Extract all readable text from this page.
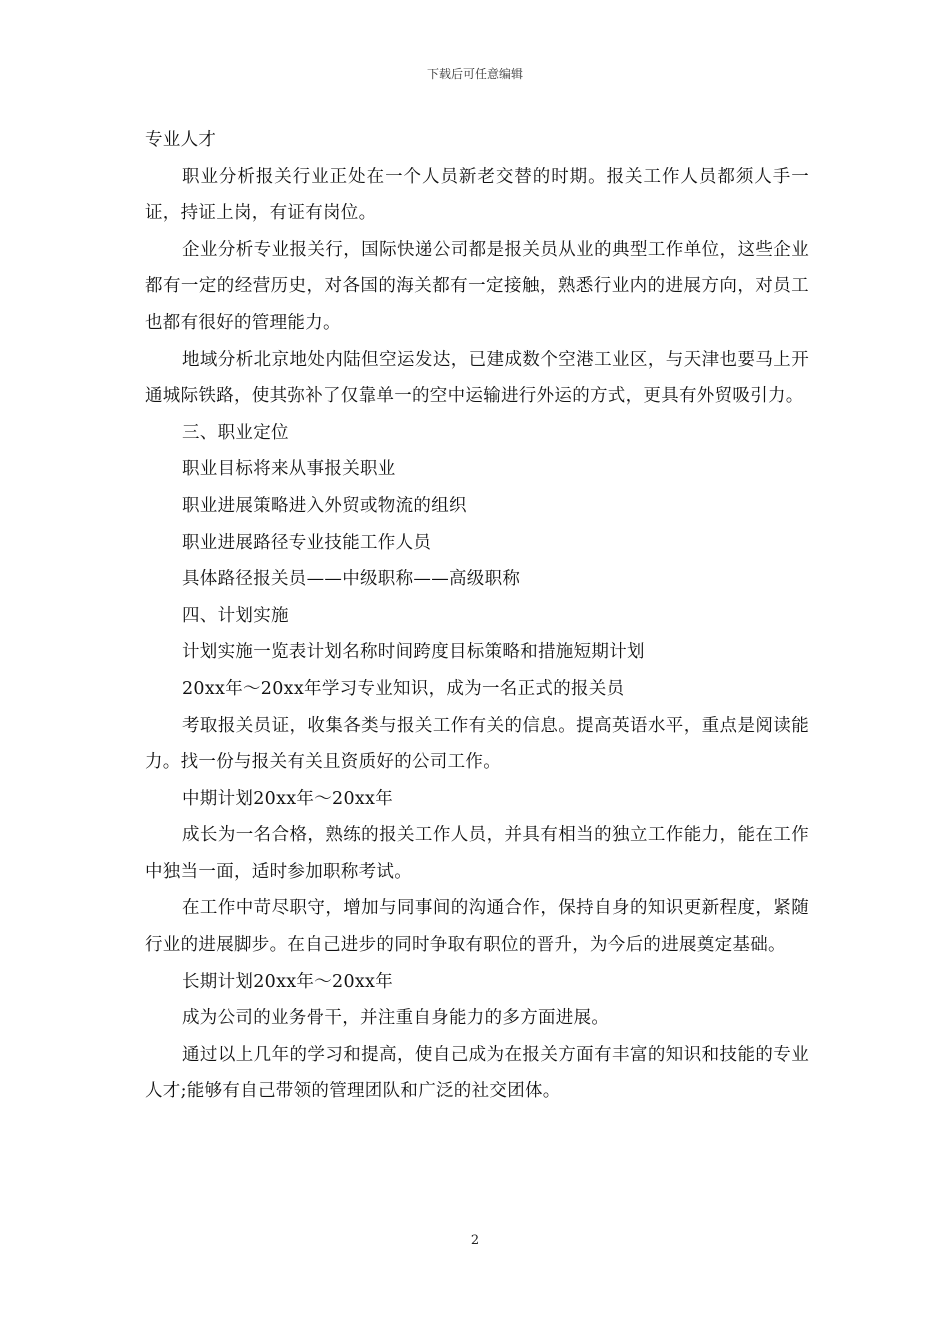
下载后可任意编辑

专业人才

职业分析报关行业正处在一个人员新老交替的时期。报关工作人员都须人手一证，持证上岗，有证有岗位。

企业分析专业报关行，国际快递公司都是报关员从业的典型工作单位，这些企业都有一定的经营历史，对各国的海关都有一定接触，熟悉行业内的进展方向，对员工也都有很好的管理能力。

地域分析北京地处内陆但空运发达，已建成数个空港工业区，与天津也要马上开通城际铁路，使其弥补了仅靠单一的空中运输进行外运的方式，更具有外贸吸引力。

三、职业定位

职业目标将来从事报关职业

职业进展策略进入外贸或物流的组织

职业进展路径专业技能工作人员

具体路径报关员——中级职称——高级职称

四、计划实施

计划实施一览表计划名称时间跨度目标策略和措施短期计划

20xx年～20xx年学习专业知识，成为一名正式的报关员

考取报关员证，收集各类与报关工作有关的信息。提高英语水平，重点是阅读能力。找一份与报关有关且资质好的公司工作。

中期计划20xx年～20xx年

成长为一名合格，熟练的报关工作人员，并具有相当的独立工作能力，能在工作中独当一面，适时参加职称考试。

在工作中苛尽职守，增加与同事间的沟通合作，保持自身的知识更新程度，紧随行业的进展脚步。在自己进步的同时争取有职位的晋升，为今后的进展奠定基础。

长期计划20xx年～20xx年

成为公司的业务骨干，并注重自身能力的多方面进展。

通过以上几年的学习和提高，使自己成为在报关方面有丰富的知识和技能的专业人才;能够有自己带领的管理团队和广泛的社交团体。

2
